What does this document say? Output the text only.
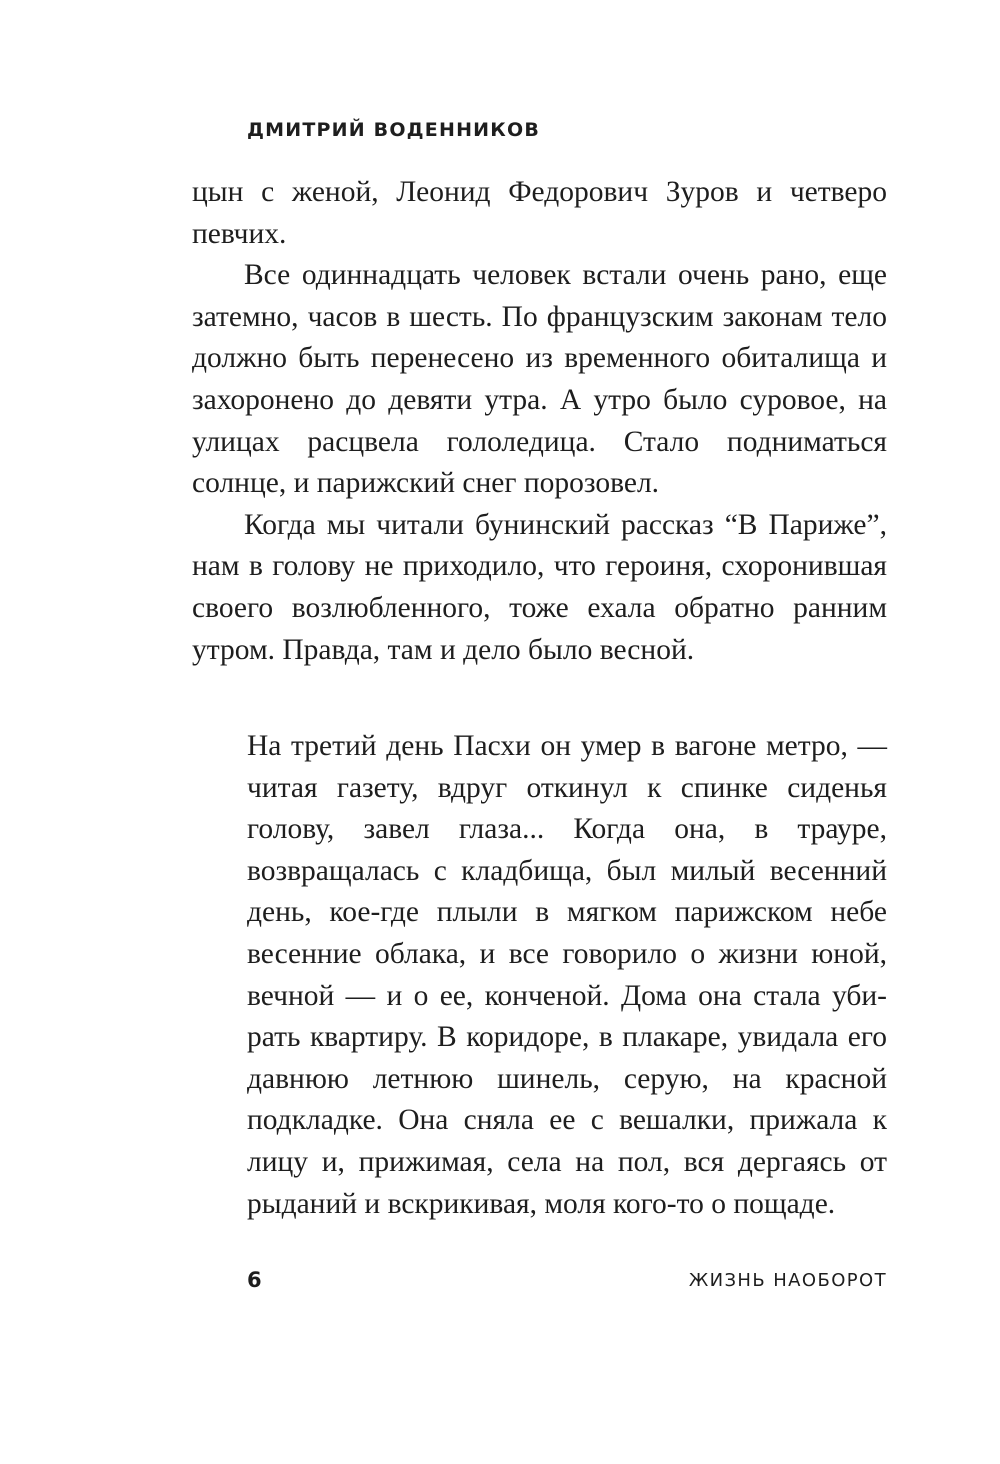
ДМИТРИЙ ВОДЕННИКОВ

цын с женой, Леонид Федорович Зуров и четверо певчих.

Все одиннадцать человек встали очень рано, еще затемно, часов в шесть. По французским законам тело должно быть перенесено из временного обиталища и захоронено до девяти утра. А утро было суровое, на улицах расцвела гололедица. Стало подниматься солнце, и парижский снег порозовел.

Когда мы читали бунинский рассказ “В Париже”, нам в голову не приходило, что героиня, схоронившая своего возлюбленного, тоже ехала обратно ранним утром. Правда, там и дело было весной.

На третий день Пасхи он умер в вагоне метро, — читая газету, вдруг откинул к спинке сиденья голову, завел глаза... Когда она, в трауре, возвращалась с кладбища, был милый весенний день, кое-где плыли в мягком парижском небе весенние облака, и все говорило о жизни юной, вечной — и о ее, конченой. Дома она стала убирать квартиру. В коридоре, в плакаре, увидала его давнюю летнюю шинель, серую, на красной подкладке. Она сняла ее с вешалки, прижала к лицу и, прижимая, села на пол, вся дергаясь от рыданий и вскрикивая, моля кого-то о пощаде.

6	ЖИЗНЬ НАОБОРОТ
